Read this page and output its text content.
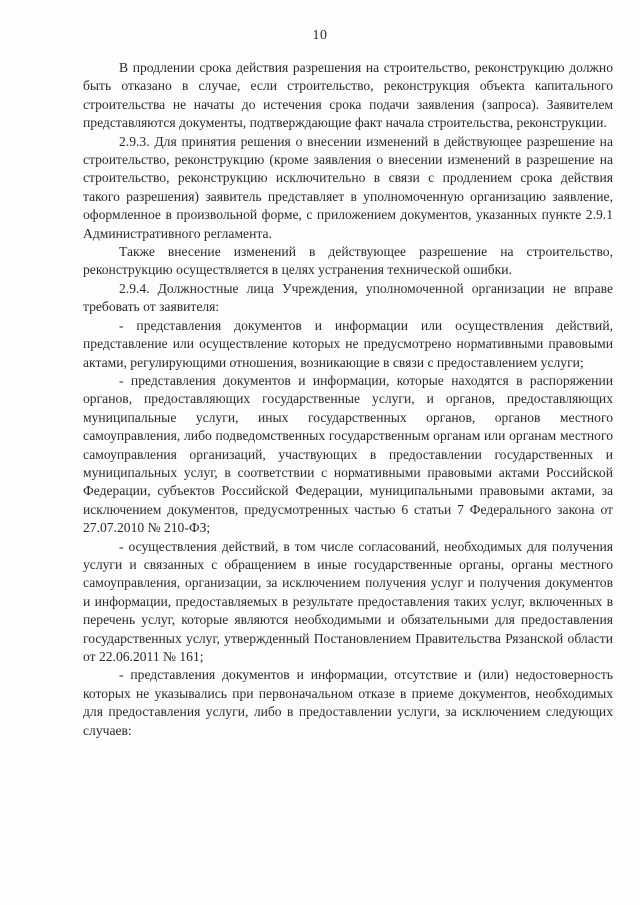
10

В продлении срока действия разрешения на строительство, реконструкцию должно быть отказано в случае, если строительство, реконструкция объекта капитального строительства не начаты до истечения срока подачи заявления (запроса). Заявителем представляются документы, подтверждающие факт начала строительства, реконструкции.

2.9.3. Для принятия решения о внесении изменений в действующее разрешение на строительство, реконструкцию (кроме заявления о внесении изменений в разрешение на строительство, реконструкцию исключительно в связи с продлением срока действия такого разрешения) заявитель представляет в уполномоченную организацию заявление, оформленное в произвольной форме, с приложением документов, указанных пункте 2.9.1 Административного регламента.

Также внесение изменений в действующее разрешение на строительство, реконструкцию осуществляется в целях устранения технической ошибки.

2.9.4. Должностные лица Учреждения, уполномоченной организации не вправе требовать от заявителя:

- представления документов и информации или осуществления действий, представление или осуществление которых не предусмотрено нормативными правовыми актами, регулирующими отношения, возникающие в связи с предоставлением услуги;

- представления документов и информации, которые находятся в распоряжении органов, предоставляющих государственные услуги, и органов, предоставляющих муниципальные услуги, иных государственных органов, органов местного самоуправления, либо подведомственных государственным органам или органам местного самоуправления организаций, участвующих в предоставлении государственных и муниципальных услуг, в соответствии с нормативными правовыми актами Российской Федерации, субъектов Российской Федерации, муниципальными правовыми актами, за исключением документов, предусмотренных частью 6 статьи 7 Федерального закона от 27.07.2010 № 210-ФЗ;

- осуществления действий, в том числе согласований, необходимых для получения услуги и связанных с обращением в иные государственные органы, органы местного самоуправления, организации, за исключением получения услуг и получения документов и информации, предоставляемых в результате предоставления таких услуг, включенных в перечень услуг, которые являются необходимыми и обязательными для предоставления государственных услуг, утвержденный Постановлением Правительства Рязанской области от 22.06.2011 № 161;

- представления документов и информации, отсутствие и (или) недостоверность которых не указывались при первоначальном отказе в приеме документов, необходимых для предоставления услуги, либо в предоставлении услуги, за исключением следующих случаев:
